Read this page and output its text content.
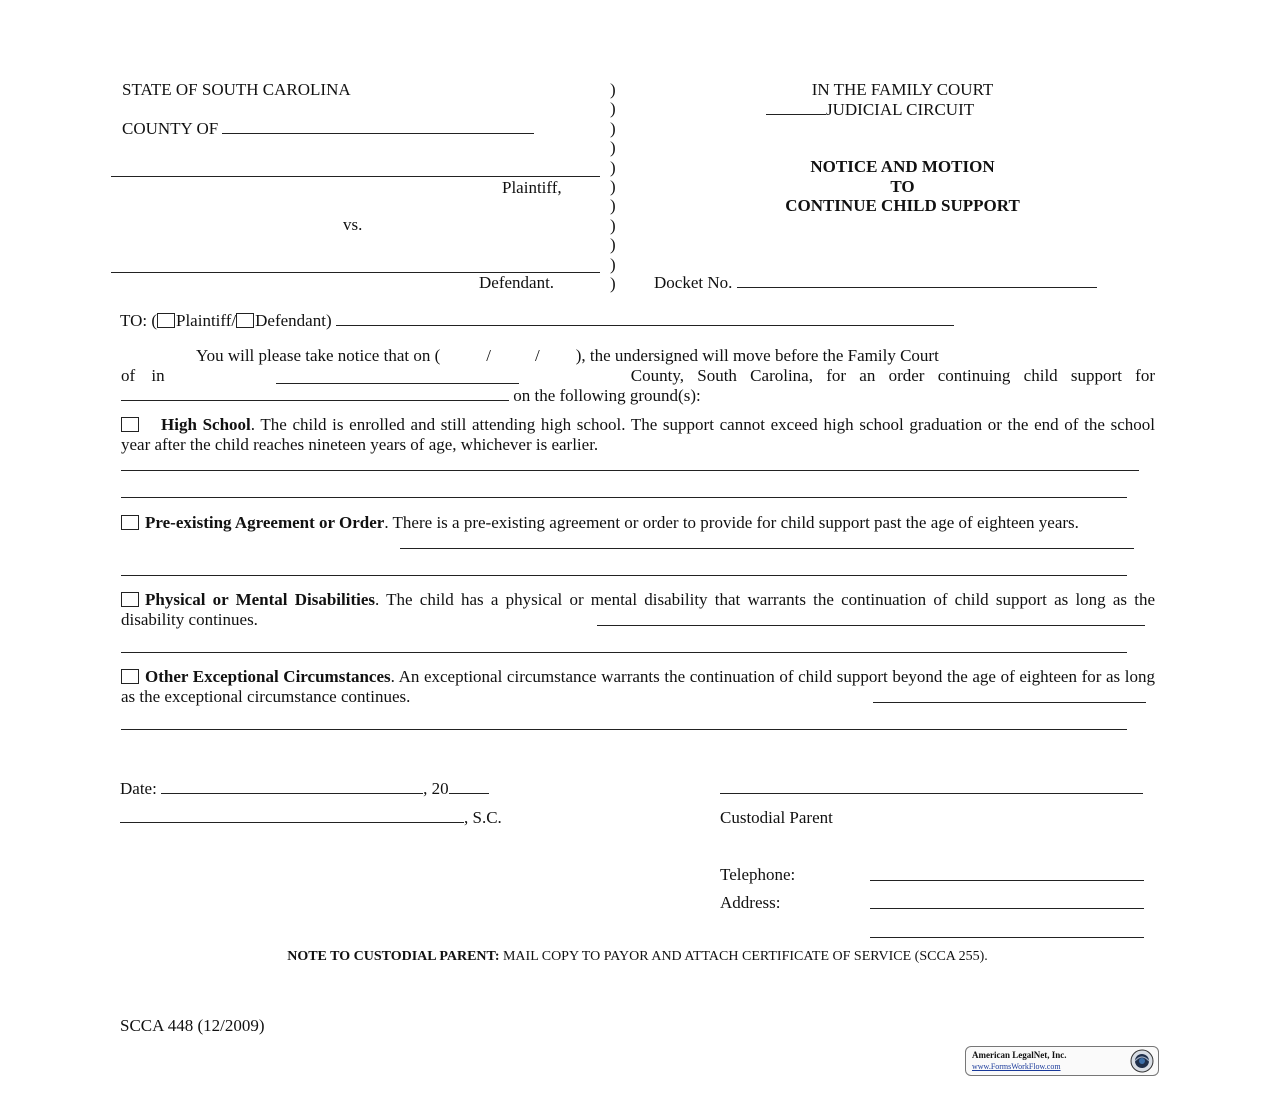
STATE OF SOUTH CAROLINA
COUNTY OF
Plaintiff,
vs.
Defendant.
)
)
)
)
)
)
)
)
)
)
)
IN THE FAMILY COURT
JUDICIAL CIRCUIT
NOTICE AND MOTION
TO
CONTINUE CHILD SUPPORT
Docket No.
TO: ( Plaintiff/ Defendant)
You will please take notice that on (	/	/ ), the undersigned will move before the Family Court
of in	County, South Carolina, for an order continuing child support for
on the following ground(s):
High School. The child is enrolled and still attending high school. The support cannot exceed high school graduation or the end of the school year after the child reaches nineteen years of age, whichever is earlier.
Pre-existing Agreement or Order. There is a pre-existing agreement or order to provide for child support past the age of eighteen years.
Physical or Mental Disabilities. The child has a physical or mental disability that warrants the continuation of child support as long as the disability continues.
Other Exceptional Circumstances. An exceptional circumstance warrants the continuation of child support beyond the age of eighteen for as long as the exceptional circumstance continues.
Date:	, 20
, S.C.	Custodial Parent
Telephone:
Address:
NOTE TO CUSTODIAL PARENT: MAIL COPY TO PAYOR AND ATTACH CERTIFICATE OF SERVICE (SCCA 255).
SCCA 448 (12/2009)
American LegalNet, Inc.
www.FormsWorkFlow.com
